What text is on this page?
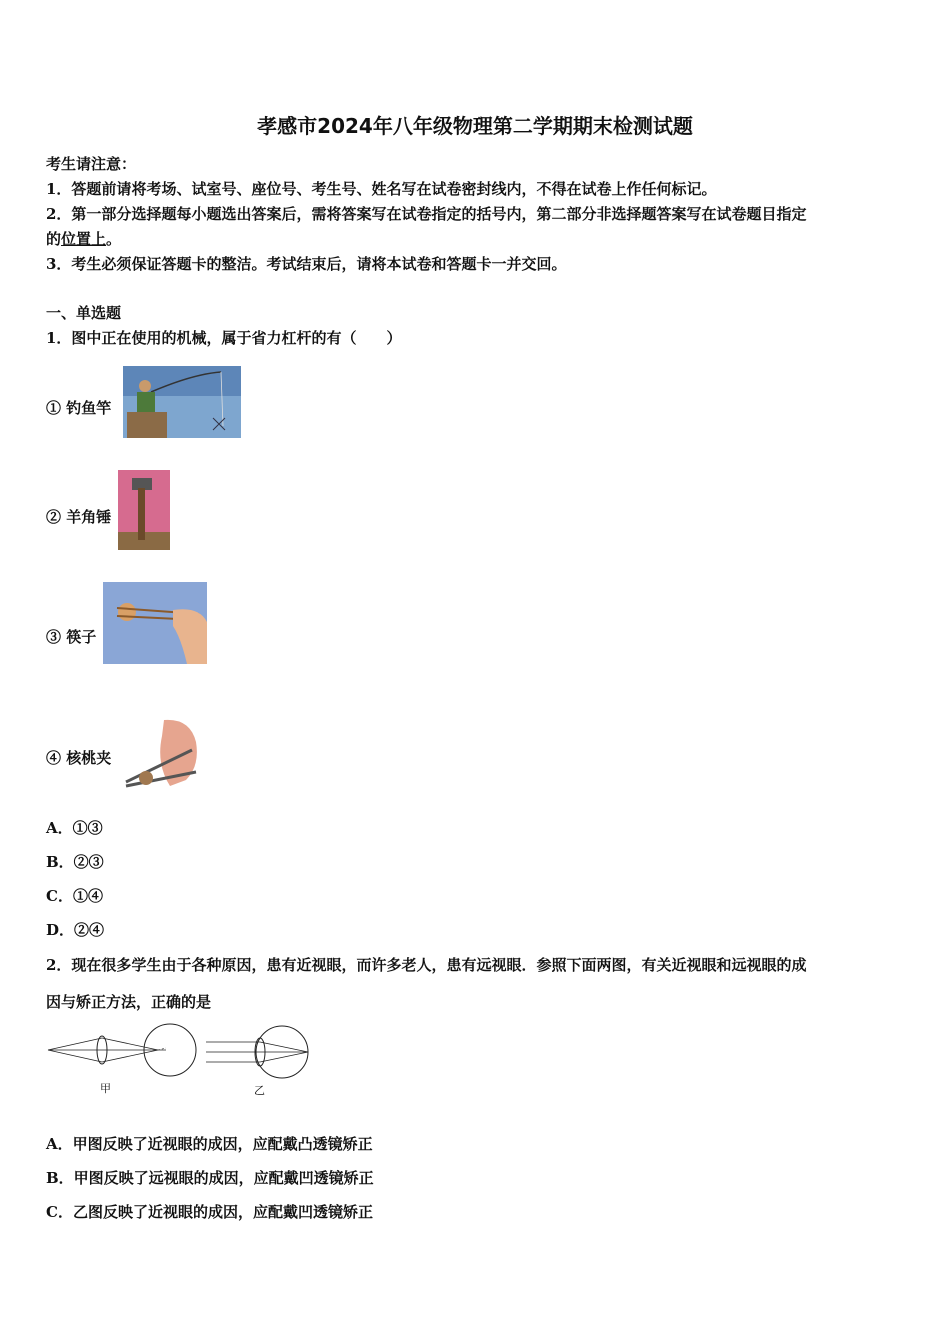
孝感市2024年八年级物理第二学期期末检测试题
考生请注意：
1．答题前请将考场、试室号、座位号、考生号、姓名写在试卷密封线内，不得在试卷上作任何标记。
2．第一部分选择题每小题选出答案后，需将答案写在试卷指定的括号内，第二部分非选择题答案写在试卷题目指定
的位置上。
3．考生必须保证答题卡的整洁。考试结束后，请将本试卷和答题卡一并交回。
一、单选题
1．图中正在使用的机械，属于省力杠杆的有（　　）
① 钓鱼竿
② 羊角锤
③ 筷子
④ 核桃夹
A．①③
B．②③
C．①④
D．②④
2．现在很多学生由于各种原因，患有近视眼，而许多老人，患有远视眼．参照下面两图，有关近视眼和远视眼的成
因与矫正方法，正确的是
甲	乙
A．甲图反映了近视眼的成因，应配戴凸透镜矫正
B．甲图反映了远视眼的成因，应配戴凹透镜矫正
C．乙图反映了近视眼的成因，应配戴凹透镜矫正
